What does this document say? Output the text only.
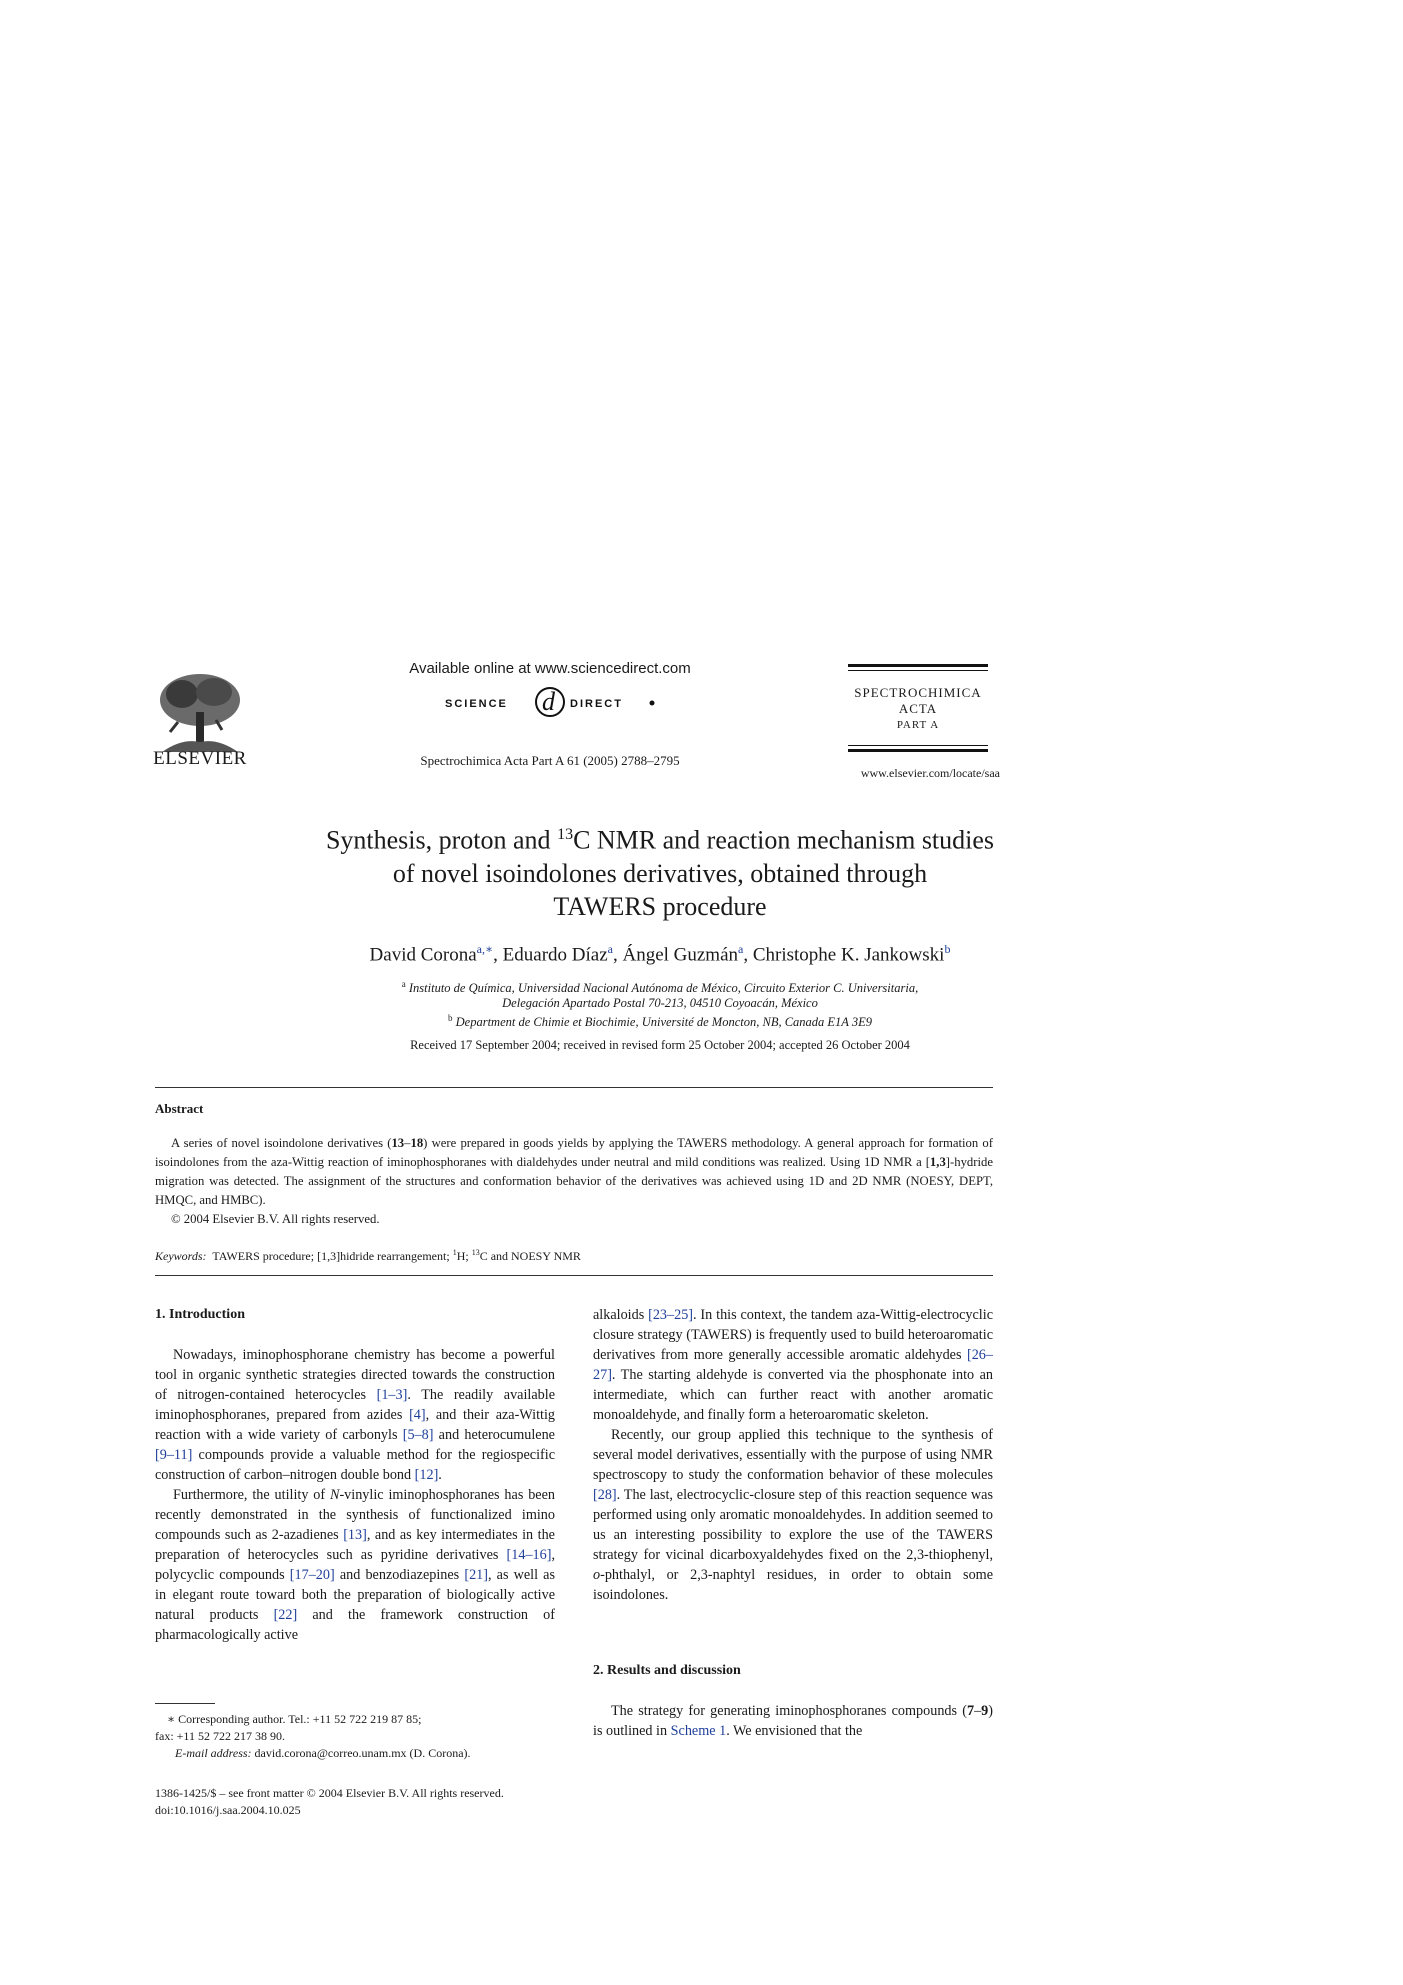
ELSEVIER
Available online at www.sciencedirect.com
SCIENCE d DIRECT
Spectrochimica Acta Part A 61 (2005) 2788–2795
SPECTROCHIMICA
ACTA
PART A
www.elsevier.com/locate/saa
Synthesis, proton and $^{13}$C NMR and reaction mechanism studies
of novel isoindolones derivatives, obtained through
TAWERS procedure
David Corona$^{a,∗}$, Eduardo Díaz$^a$, Ángel Guzmán$^a$, Christophe K. Jankowski$^b$
$^a$ Instituto de Química, Universidad Nacional Autónoma de México, Circuito Exterior C. Universitaria,
Delegación Apartado Postal 70-213, 04510 Coyoacán, México
$^b$ Department de Chimie et Biochimie, Université de Moncton, NB, Canada E1A 3E9
Received 17 September 2004; received in revised form 25 October 2004; accepted 26 October 2004
Abstract

A series of novel isoindolone derivatives (13–18) were prepared in goods yields by applying the TAWERS methodology. A general approach for formation of isoindolones from the aza-Wittig reaction of iminophosphoranes with dialdehydes under neutral and mild conditions was realized. Using 1D NMR a [1,3]-hydride migration was detected. The assignment of the structures and conformation behavior of the derivatives was achieved using 1D and 2D NMR (NOESY, DEPT, HMQC, and HMBC).

© 2004 Elsevier B.V. All rights reserved.

Keywords: TAWERS procedure; [1,3]hidride rearrangement; $^1$H; $^{13}$C and NOESY NMR
1. Introduction

Nowadays, iminophosphorane chemistry has become a powerful tool in organic synthetic strategies directed towards the construction of nitrogen-contained heterocycles [1–3]. The readily available iminophosphoranes, prepared from azides [4], and their aza-Wittig reaction with a wide variety of carbonyls [5–8] and heterocumulene [9–11] compounds provide a valuable method for the regiospecific construction of carbon–nitrogen double bond [12].

Furthermore, the utility of N-vinylic iminophosphoranes has been recently demonstrated in the synthesis of functionalized imino compounds such as 2-azadienes [13], and as key intermediates in the preparation of heterocycles such as pyridine derivatives [14–16], polycyclic compounds [17–20] and benzodiazepines [21], as well as in elegant route toward both the preparation of biologically active natural products [22] and the framework construction of pharmacologically active

alkaloids [23–25]. In this context, the tandem aza-Wittig-electrocyclic closure strategy (TAWERS) is frequently used to build heteroaromatic derivatives from more generally accessible aromatic aldehydes [26–27]. The starting aldehyde is converted via the phosphonate into an intermediate, which can further react with another aromatic monoaldehyde, and finally form a heteroaromatic skeleton.

Recently, our group applied this technique to the synthesis of several model derivatives, essentially with the purpose of using NMR spectroscopy to study the conformation behavior of these molecules [28]. The last, electrocyclic-closure step of this reaction sequence was performed using only aromatic monoaldehydes. In addition seemed to us an interesting possibility to explore the use of the TAWERS strategy for vicinal dicarboxyaldehydes fixed on the 2,3-thiophenyl, o-phthalyl, or 2,3-naphtyl residues, in order to obtain some isoindolones.

2. Results and discussion

The strategy for generating iminophosphoranes compounds (7–9) is outlined in Scheme 1. We envisioned that the

∗ Corresponding author. Tel.: +11 52 722 219 87 85;
fax: +11 52 722 217 38 90.
E-mail address: david.corona@correo.unam.mx (D. Corona).
1386-1425/$ – see front matter © 2004 Elsevier B.V. All rights reserved.
doi:10.1016/j.saa.2004.10.025
